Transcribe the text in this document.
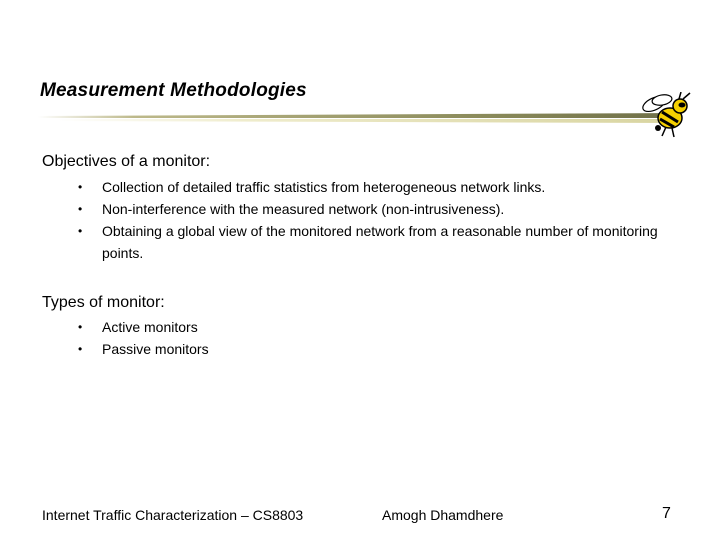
Measurement Methodologies
Objectives of a monitor:
•	Collection of detailed traffic statistics from heterogeneous network links.
•	Non-interference with the measured network (non-intrusiveness).
•	Obtaining a global view of the monitored network from a reasonable number of monitoring points.
Types of monitor:
•	Active monitors
•	Passive monitors
Internet Traffic Characterization – CS8803	Amogh Dhamdhere	7
